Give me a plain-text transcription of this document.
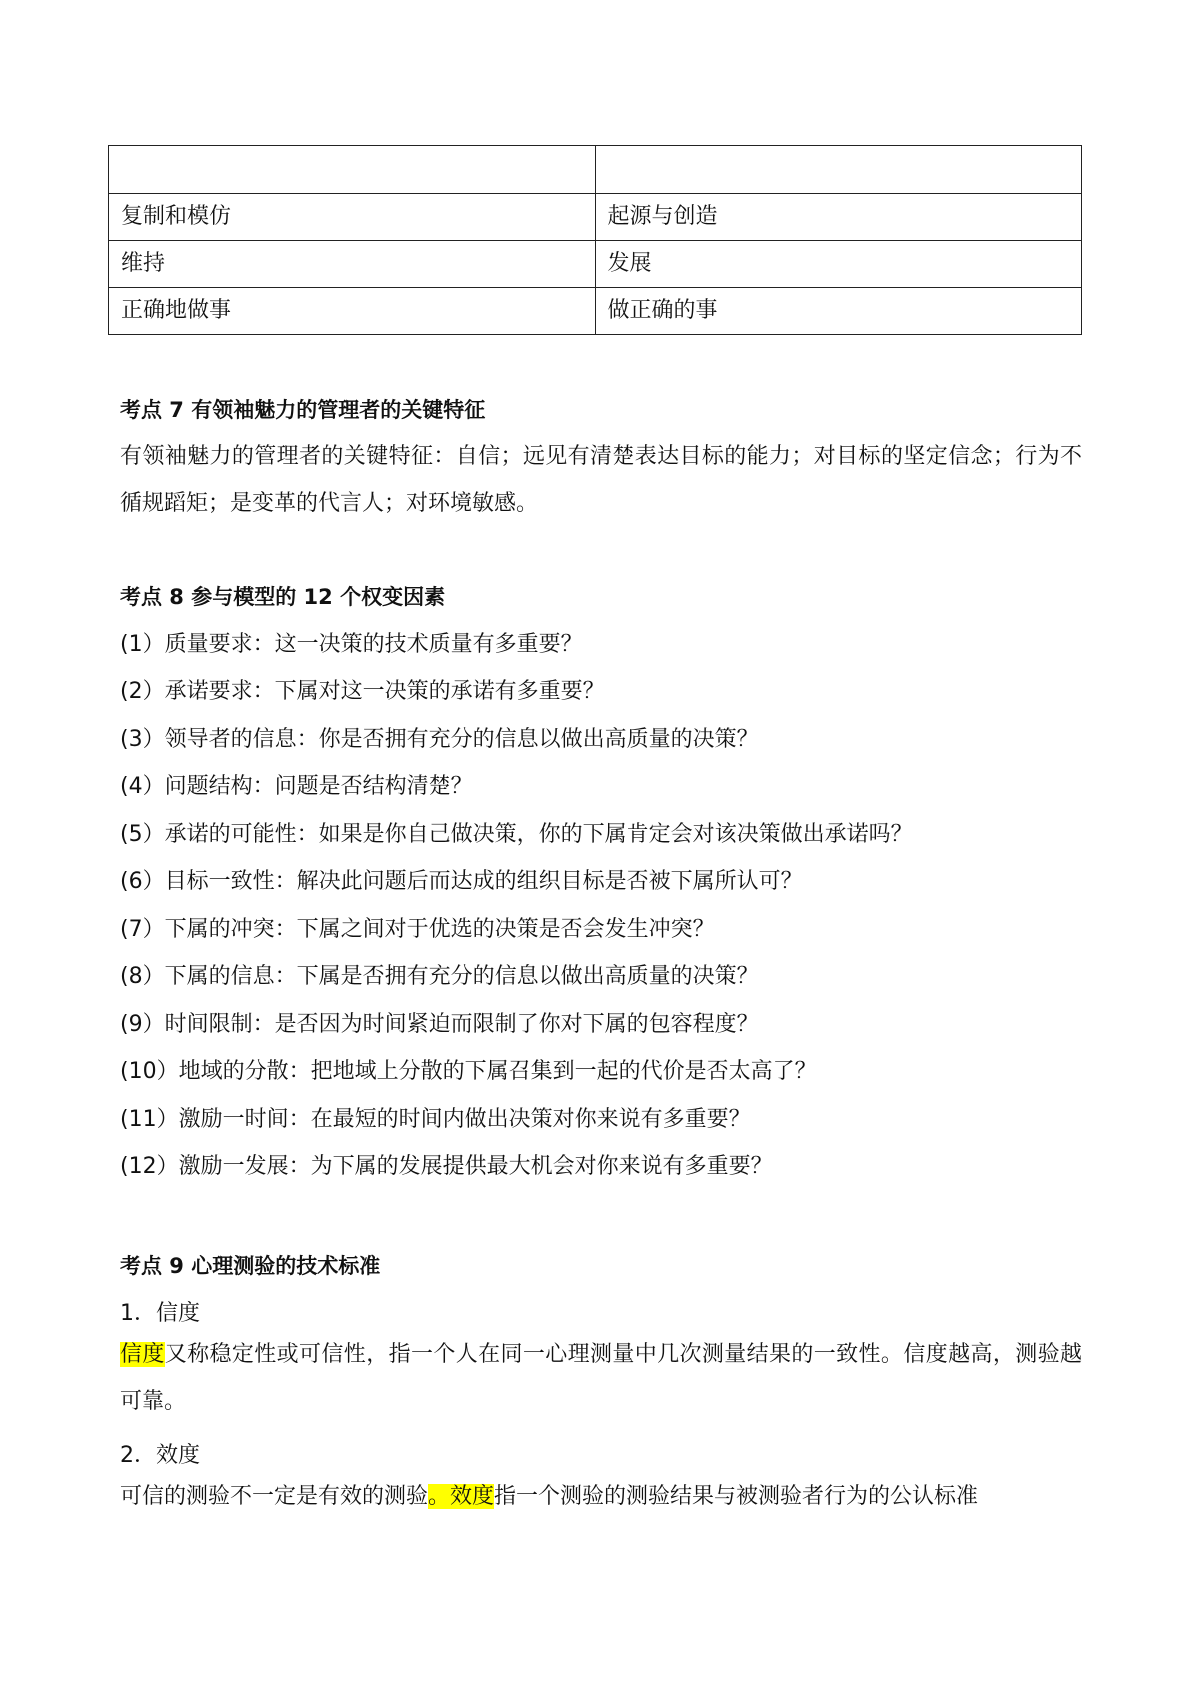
复制和模仿	起源与创造
维持	发展
正确地做事	做正确的事
考点 7 有领袖魅力的管理者的关键特征
有领袖魅力的管理者的关键特征：自信；远见有清楚表达目标的能力；对目标的坚定信念；行为不循规蹈矩；是变革的代言人；对环境敏感。
考点 8 参与模型的 12 个权变因素
(1）质量要求：这一决策的技术质量有多重要？
(2）承诺要求：下属对这一决策的承诺有多重要？
(3）领导者的信息：你是否拥有充分的信息以做出高质量的决策？
(4）问题结构：问题是否结构清楚？
(5）承诺的可能性：如果是你自己做决策，你的下属肯定会对该决策做出承诺吗？
(6）目标一致性：解决此问题后而达成的组织目标是否被下属所认可？
(7）下属的冲突：下属之间对于优选的决策是否会发生冲突？
(8）下属的信息：下属是否拥有充分的信息以做出高质量的决策？
(9）时间限制：是否因为时间紧迫而限制了你对下属的包容程度？
(10）地域的分散：把地域上分散的下属召集到一起的代价是否太高了？
(11）激励一时间：在最短的时间内做出决策对你来说有多重要？
(12）激励一发展：为下属的发展提供最大机会对你来说有多重要？
考点 9 心理测验的技术标准
1．信度
信度又称稳定性或可信性，指一个人在同一心理测量中几次测量结果的一致性。信度越高，测验越可靠。
2．效度
可信的测验不一定是有效的测验。效度指一个测验的测验结果与被测验者行为的公认标准
